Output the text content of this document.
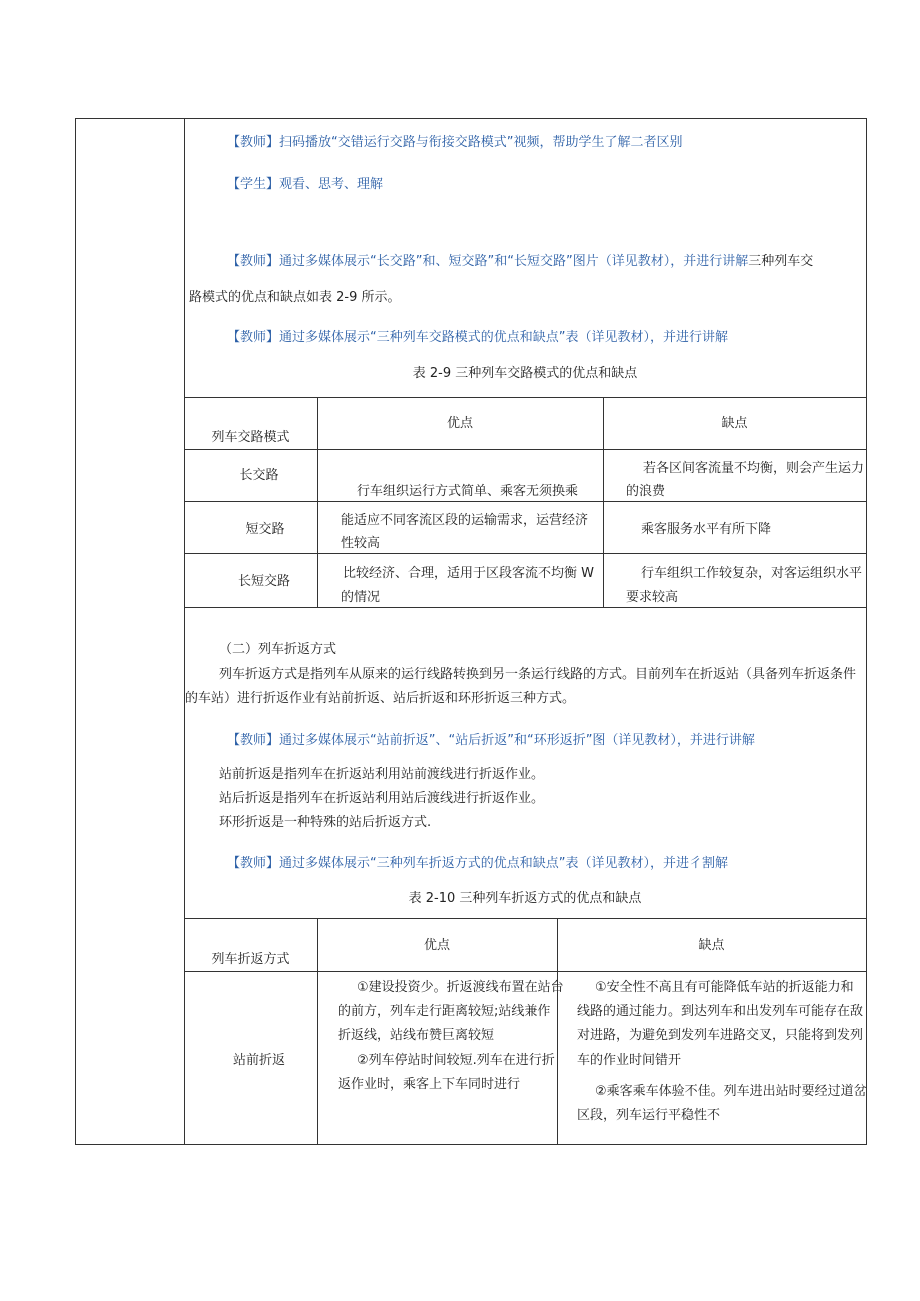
【教师】扫码播放“交错运行交路与衔接交路模式”视频，帮助学生了解二者区别
【学生】观看、思考、理解
【教师】通过多媒体展示“长交路”和、短交路”和“长短交路”图片（详见教材），并进行讲解三种列车交
路模式的优点和缺点如表 2-9 所示。
【教师】通过多媒体展示“三种列车交路模式的优点和缺点”表（详见教材），并进行讲解
表 2-9 三种列车交路模式的优点和缺点
列车交路模式
优点	缺点
长交路
行车组织运行方式简单、乘客无须换乘
若各区间客流量不均衡，则会产生运力
的浪费
短交路
能适应不同客流区段的运输需求，运营经济
性较高
乘客服务水平有所下降
长短交路
比较经济、合理，适用于区段客流不均衡 W
的情况
行车组织工作较复杂，对客运组织水平
要求较高
（二）列车折返方式
列车折返方式是指列车从原来的运行线路转换到另一条运行线路的方式。目前列车在折返站（具备列车折返条件
的车站）进行折返作业有站前折返、站后折返和环形折返三种方式。
【教师】通过多媒体展示“站前折返”、“站后折返”和“环形返折”图（详见教材），并进行讲解
站前折返是指列车在折返站利用站前渡线进行折返作业。
站后折返是指列车在折返站利用站后渡线进行折返作业。
环形折返是一种特殊的站后折返方式.
【教师】通过多媒体展示“三种列车折返方式的优点和缺点”表（详见教材），并进彳割解
表 2-10 三种列车折返方式的优点和缺点
列车折返方式
优点	缺点
站前折返
①建设投资少。折返渡线布置在站台
的前方，列车走行距离较短;站线兼作
折返线，站线布赞巨离较短
②列车停站时间较短.列车在进行折
返作业时，乘客上下车同时进行
①安全性不高且有可能降低车站的折返能力和
线路的通过能力。到达列车和出发列车可能存在敌
对进路，为避免到发列车进路交叉，只能将到发列
车的作业时间错开
②乘客乘车体验不佳。列车进出站时要经过道岔
区段，列车运行平稳性不
